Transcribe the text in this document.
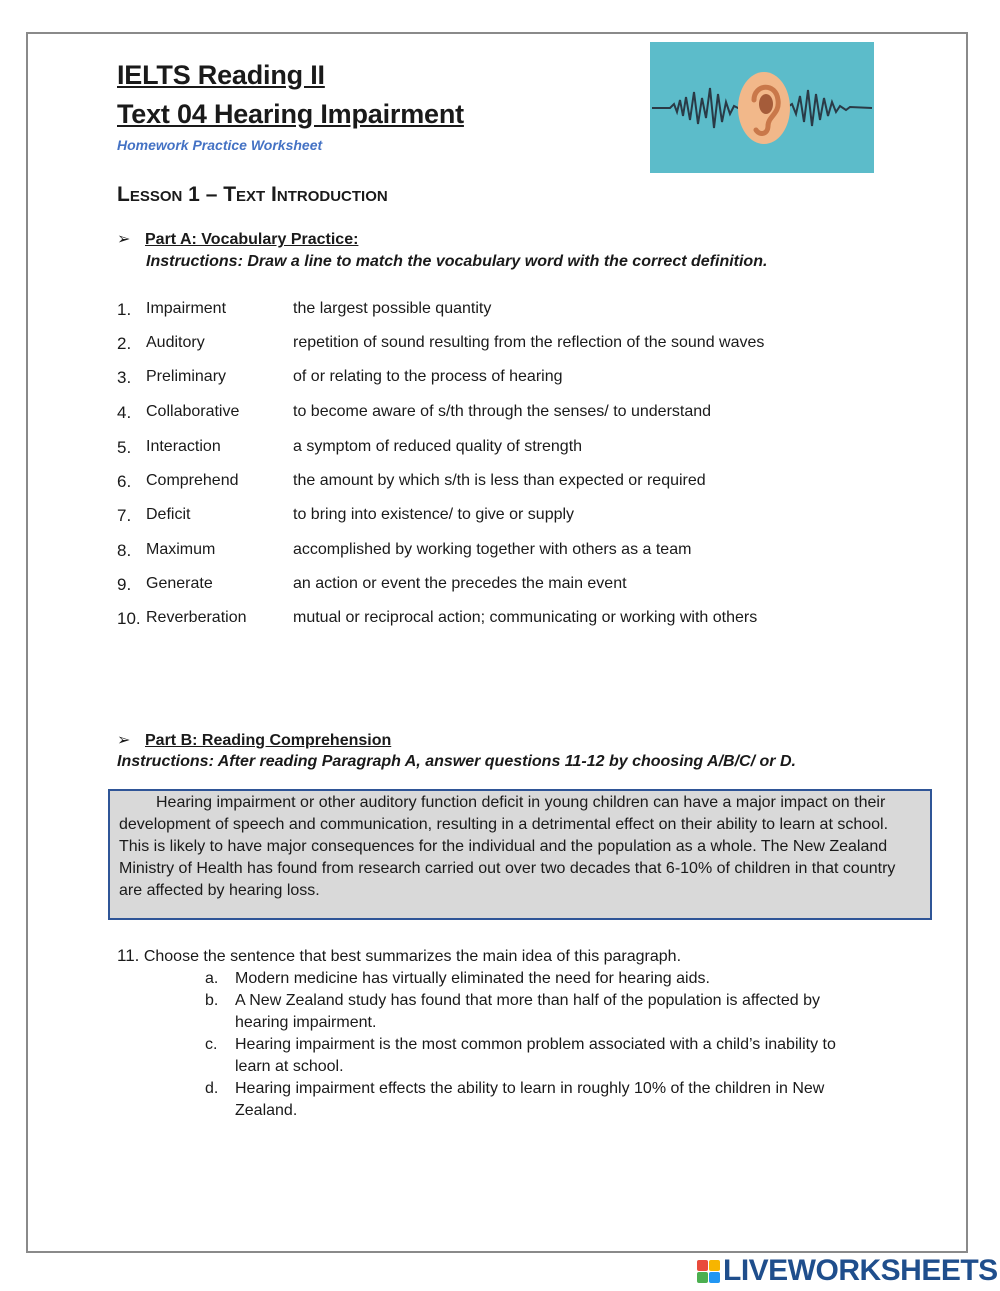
IELTS Reading II
Text 04 Hearing Impairment
Homework Practice Worksheet
Lesson 1 – Text Introduction
➢ Part A: Vocabulary Practice:
Instructions: Draw a line to match the vocabulary word with the correct definition.
1. Impairment	the largest possible quantity
2. Auditory	repetition of sound resulting from the reflection of the sound waves
3. Preliminary	of or relating to the process of hearing
4. Collaborative	to become aware of s/th through the senses/ to understand
5. Interaction	a symptom of reduced quality of strength
6. Comprehend	the amount by which s/th is less than expected or required
7. Deficit	to bring into existence/ to give or supply
8. Maximum	accomplished by working together with others as a team
9. Generate	an action or event the precedes the main event
10. Reverberation	mutual or reciprocal action; communicating or working with others
➢ Part B: Reading Comprehension
Instructions: After reading Paragraph A, answer questions 11-12 by choosing A/B/C/ or D.

Hearing impairment or other auditory function deficit in young children can have a major impact on their development of speech and communication, resulting in a detrimental effect on their ability to learn at school. This is likely to have major consequences for the individual and the population as a whole. The New Zealand Ministry of Health has found from research carried out over two decades that 6-10% of children in that country are affected by hearing loss.

11. Choose the sentence that best summarizes the main idea of this paragraph.
a.	Modern medicine has virtually eliminated the need for hearing aids.
b.	A New Zealand study has found that more than half of the population is affected by hearing impairment.
c.	Hearing impairment is the most common problem associated with a child’s inability to learn at school.
d.	Hearing impairment effects the ability to learn in roughly 10% of the children in New Zealand.
LIVEWORKSHEETS
